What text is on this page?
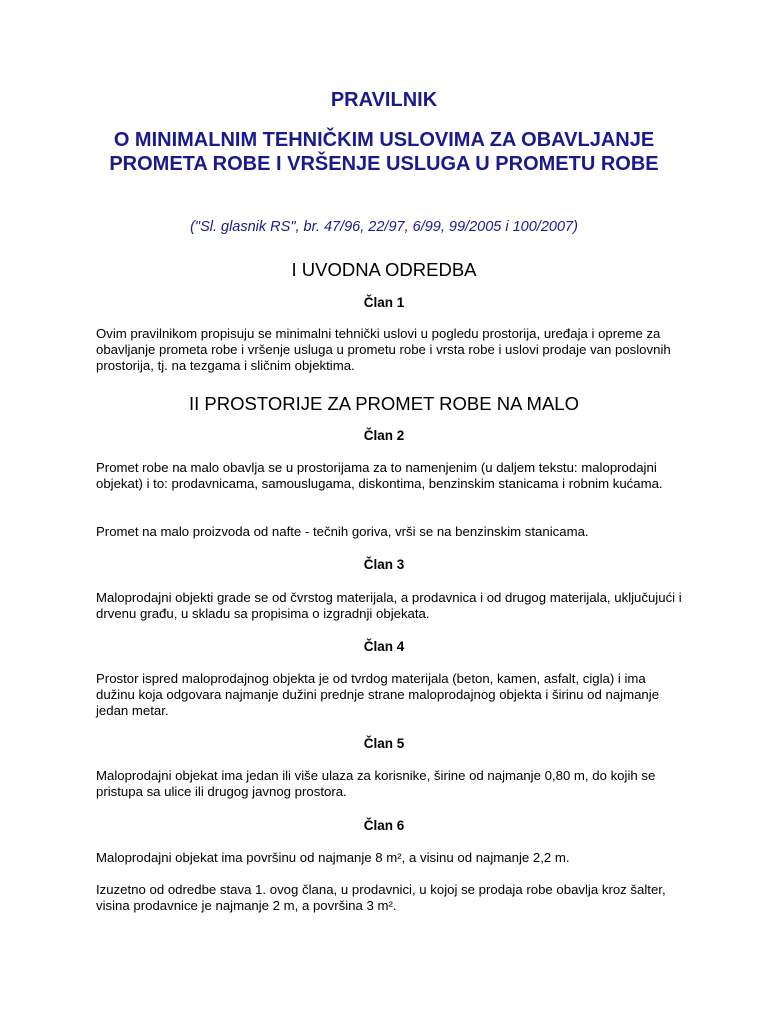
PRAVILNIK
O MINIMALNIM TEHNIČKIM USLOVIMA ZA OBAVLJANJE PROMETA ROBE I VRŠENJE USLUGA U PROMETU ROBE

("Sl. glasnik RS", br. 47/96, 22/97, 6/99, 99/2005 i 100/2007)

I UVODNA ODREDBA
Član 1

Ovim pravilnikom propisuju se minimalni tehnički uslovi u pogledu prostorija, uređaja i opreme za obavljanje prometa robe i vršenje usluga u prometu robe i vrsta robe i uslovi prodaje van poslovnih prostorija, tj. na tezgama i sličnim objektima.

II PROSTORIJE ZA PROMET ROBE NA MALO
Član 2

Promet robe na malo obavlja se u prostorijama za to namenjenim (u daljem tekstu: maloprodajni objekat) i to: prodavnicama, samouslugama, diskontima, benzinskim stanicama i robnim kućama.

Promet na malo proizvoda od nafte - tečnih goriva, vrši se na benzinskim stanicama.

Član 3

Maloprodajni objekti grade se od čvrstog materijala, a prodavnica i od drugog materijala, uključujući i drvenu građu, u skladu sa propisima o izgradnji objekata.

Član 4

Prostor ispred maloprodajnog objekta je od tvrdog materijala (beton, kamen, asfalt, cigla) i ima dužinu koja odgovara najmanje dužini prednje strane maloprodajnog objekta i širinu od najmanje jedan metar.

Član 5

Maloprodajni objekat ima jedan ili više ulaza za korisnike, širine od najmanje 0,80 m, do kojih se pristupa sa ulice ili drugog javnog prostora.

Član 6

Maloprodajni objekat ima površinu od najmanje 8 m², a visinu od najmanje 2,2 m.

Izuzetno od odredbe stava 1. ovog člana, u prodavnici, u kojoj se prodaja robe obavlja kroz šalter, visina prodavnice je najmanje 2 m, a površina 3 m².
